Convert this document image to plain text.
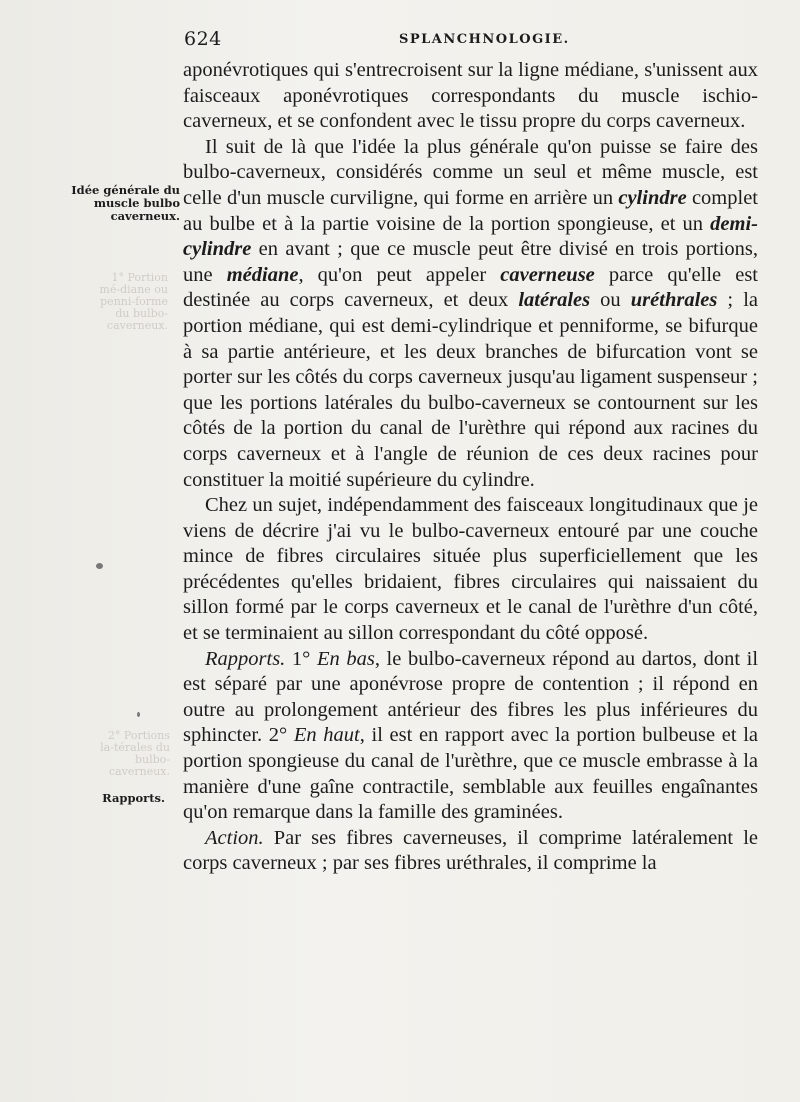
624	SPLANCHNOLOGIE.
Idée générale du muscle bulbo caverneux.
Rapports.
1° Portion mé-diane ou penni-forme du bulbo-caverneux.
2° Portions la-térales du bulbo-caverneux.

aponévrotiques qui s'entrecroisent sur la ligne médiane, s'unissent aux faisceaux aponévrotiques correspondants du muscle ischio-caverneux, et se confondent avec le tissu propre du corps caverneux.

Il suit de là que l'idée la plus générale qu'on puisse se faire des bulbo-caverneux, considérés comme un seul et même muscle, est celle d'un muscle curviligne, qui forme en arrière un cylindre complet au bulbe et à la partie voisine de la portion spongieuse, et un demi-cylindre en avant ; que ce muscle peut être divisé en trois portions, une médiane, qu'on peut appeler caverneuse parce qu'elle est destinée au corps caverneux, et deux latérales ou uréthrales ; la portion médiane, qui est demi-cylindrique et penniforme, se bifurque à sa partie antérieure, et les deux branches de bifurcation vont se porter sur les côtés du corps caverneux jusqu'au ligament suspenseur ; que les portions latérales du bulbo-caverneux se contournent sur les côtés de la portion du canal de l'urèthre qui répond aux racines du corps caverneux et à l'angle de réunion de ces deux racines pour constituer la moitié supérieure du cylindre.

Chez un sujet, indépendamment des faisceaux longitudinaux que je viens de décrire j'ai vu le bulbo-caverneux entouré par une couche mince de fibres circulaires située plus superficiellement que les précédentes qu'elles bridaient, fibres circulaires qui naissaient du sillon formé par le corps caverneux et le canal de l'urèthre d'un côté, et se terminaient au sillon correspondant du côté opposé.

Rapports. 1° En bas, le bulbo-caverneux répond au dartos, dont il est séparé par une aponévrose propre de contention ; il répond en outre au prolongement antérieur des fibres les plus inférieures du sphincter. 2° En haut, il est en rapport avec la portion bulbeuse et la portion spongieuse du canal de l'urèthre, que ce muscle embrasse à la manière d'une gaîne contractile, semblable aux feuilles engaînantes qu'on remarque dans la famille des graminées.

Action. Par ses fibres caverneuses, il comprime latéralement le corps caverneux ; par ses fibres uréthrales, il comprime la
